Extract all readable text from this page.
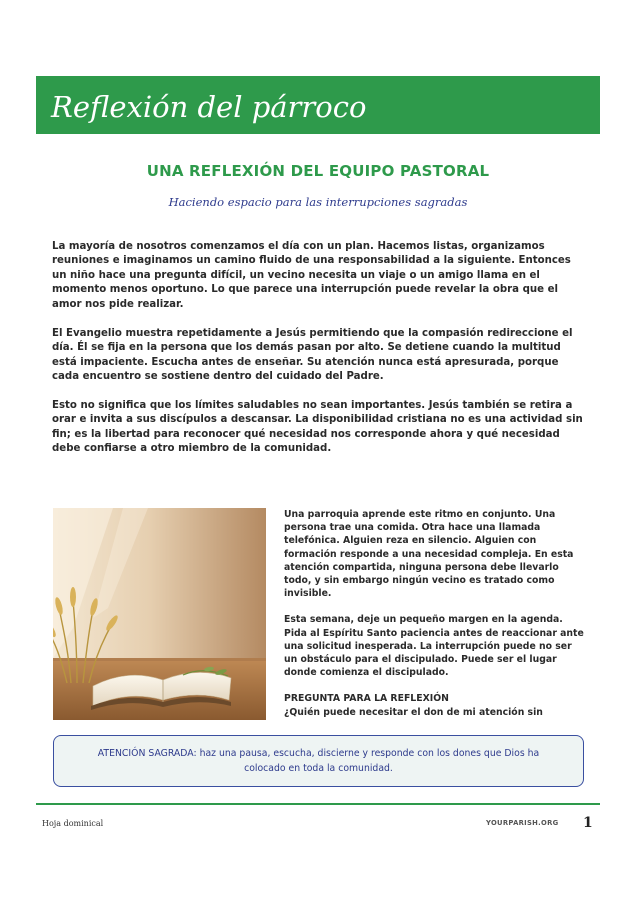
Reflexión del párroco
UNA REFLEXIÓN DEL EQUIPO PASTORAL

Haciendo espacio para las interrupciones sagradas

La mayoría de nosotros comenzamos el día con un plan. Hacemos listas, organizamos reuniones e imaginamos un camino fluido de una responsabilidad a la siguiente. Entonces un niño hace una pregunta difícil, un vecino necesita un viaje o un amigo llama en el momento menos oportuno. Lo que parece una interrupción puede revelar la obra que el amor nos pide realizar.

El Evangelio muestra repetidamente a Jesús permitiendo que la compasión redireccione el día. Él se fija en la persona que los demás pasan por alto. Se detiene cuando la multitud está impaciente. Escucha antes de enseñar. Su atención nunca está apresurada, porque cada encuentro se sostiene dentro del cuidado del Padre.

Esto no significa que los límites saludables no sean importantes. Jesús también se retira a orar e invita a sus discípulos a descansar. La disponibilidad cristiana no es una actividad sin fin; es la libertad para reconocer qué necesidad nos corresponde ahora y qué necesidad debe confiarse a otro miembro de la comunidad.

Una parroquia aprende este ritmo en conjunto. Una persona trae una comida. Otra hace una llamada telefónica. Alguien reza en silencio. Alguien con formación responde a una necesidad compleja. En esta atención compartida, ninguna persona debe llevarlo todo, y sin embargo ningún vecino es tratado como invisible.

Esta semana, deje un pequeño margen en la agenda. Pida al Espíritu Santo paciencia antes de reaccionar ante una solicitud inesperada. La interrupción puede no ser un obstáculo para el discipulado. Puede ser el lugar donde comienza el discipulado.

PREGUNTA PARA LA REFLEXIÓN

¿Quién puede necesitar el don de mi atención sin

ATENCIÓN SAGRADA: haz una pausa, escucha, discierne y responde con los dones que Dios ha colocado en toda la comunidad.

Hoja dominical	YOURPARISH.ORG 1
